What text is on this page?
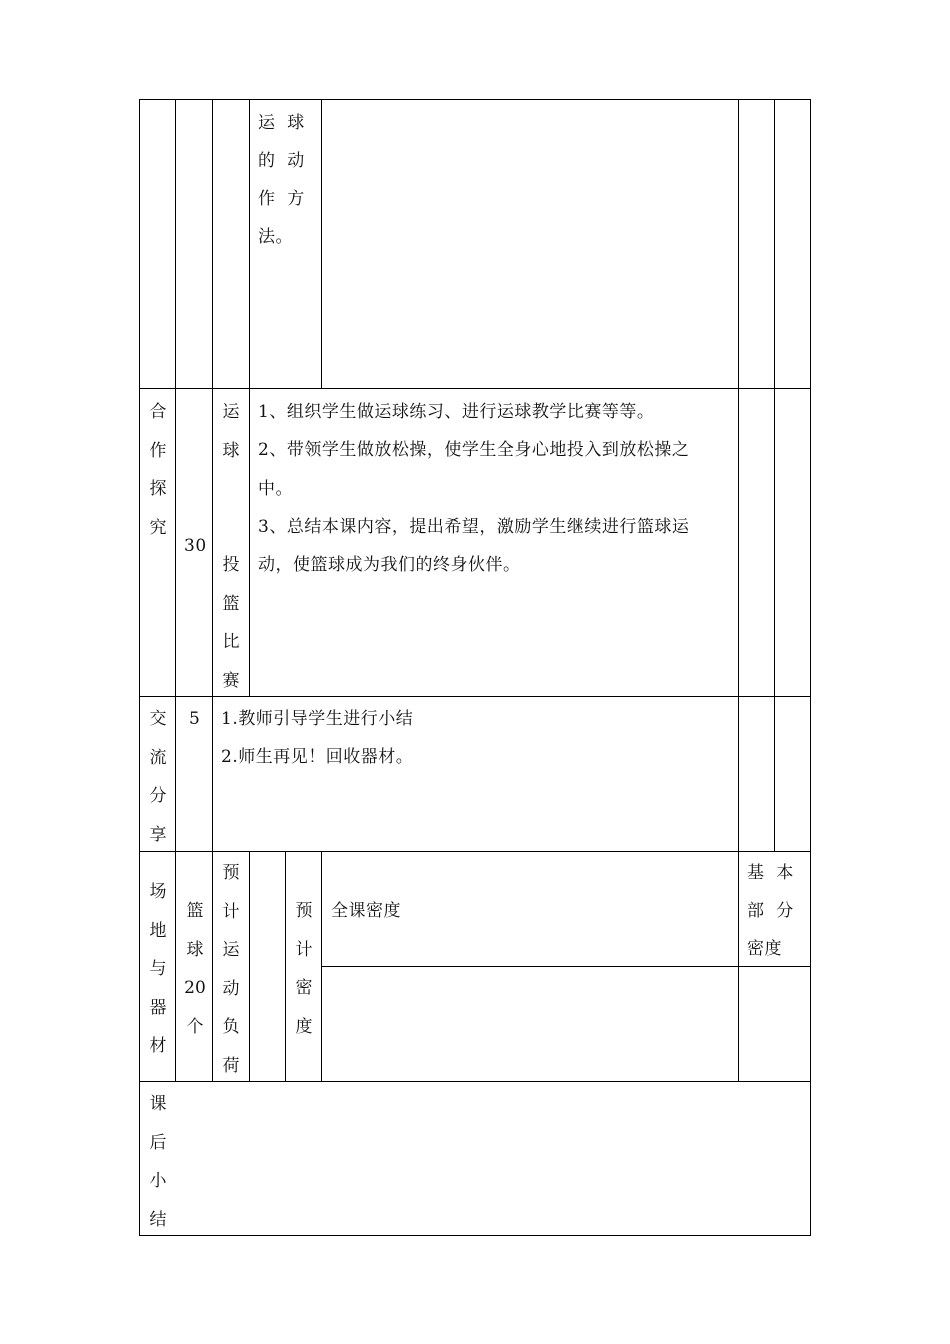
运  球
的  动
作  方
法。
合
作
探
究
30
运
球
投
篮
比
赛
1、组织学生做运球练习、进行运球教学比赛等等。
2、带领学生做放松操，使学生全身心地投入到放松操之
中。
3、总结本课内容，提出希望，激励学生继续进行篮球运
动，使篮球成为我们的终身伙伴。
交
流
分
享
5 1.教师引导学生进行小结
2.师生再见！回收器材。
场
地
与
器
材
篮
球
20
个
预
计
运
动
负
荷
预
计
密
度
全课密度
基  本
部  分
密度
课
后
小
结
